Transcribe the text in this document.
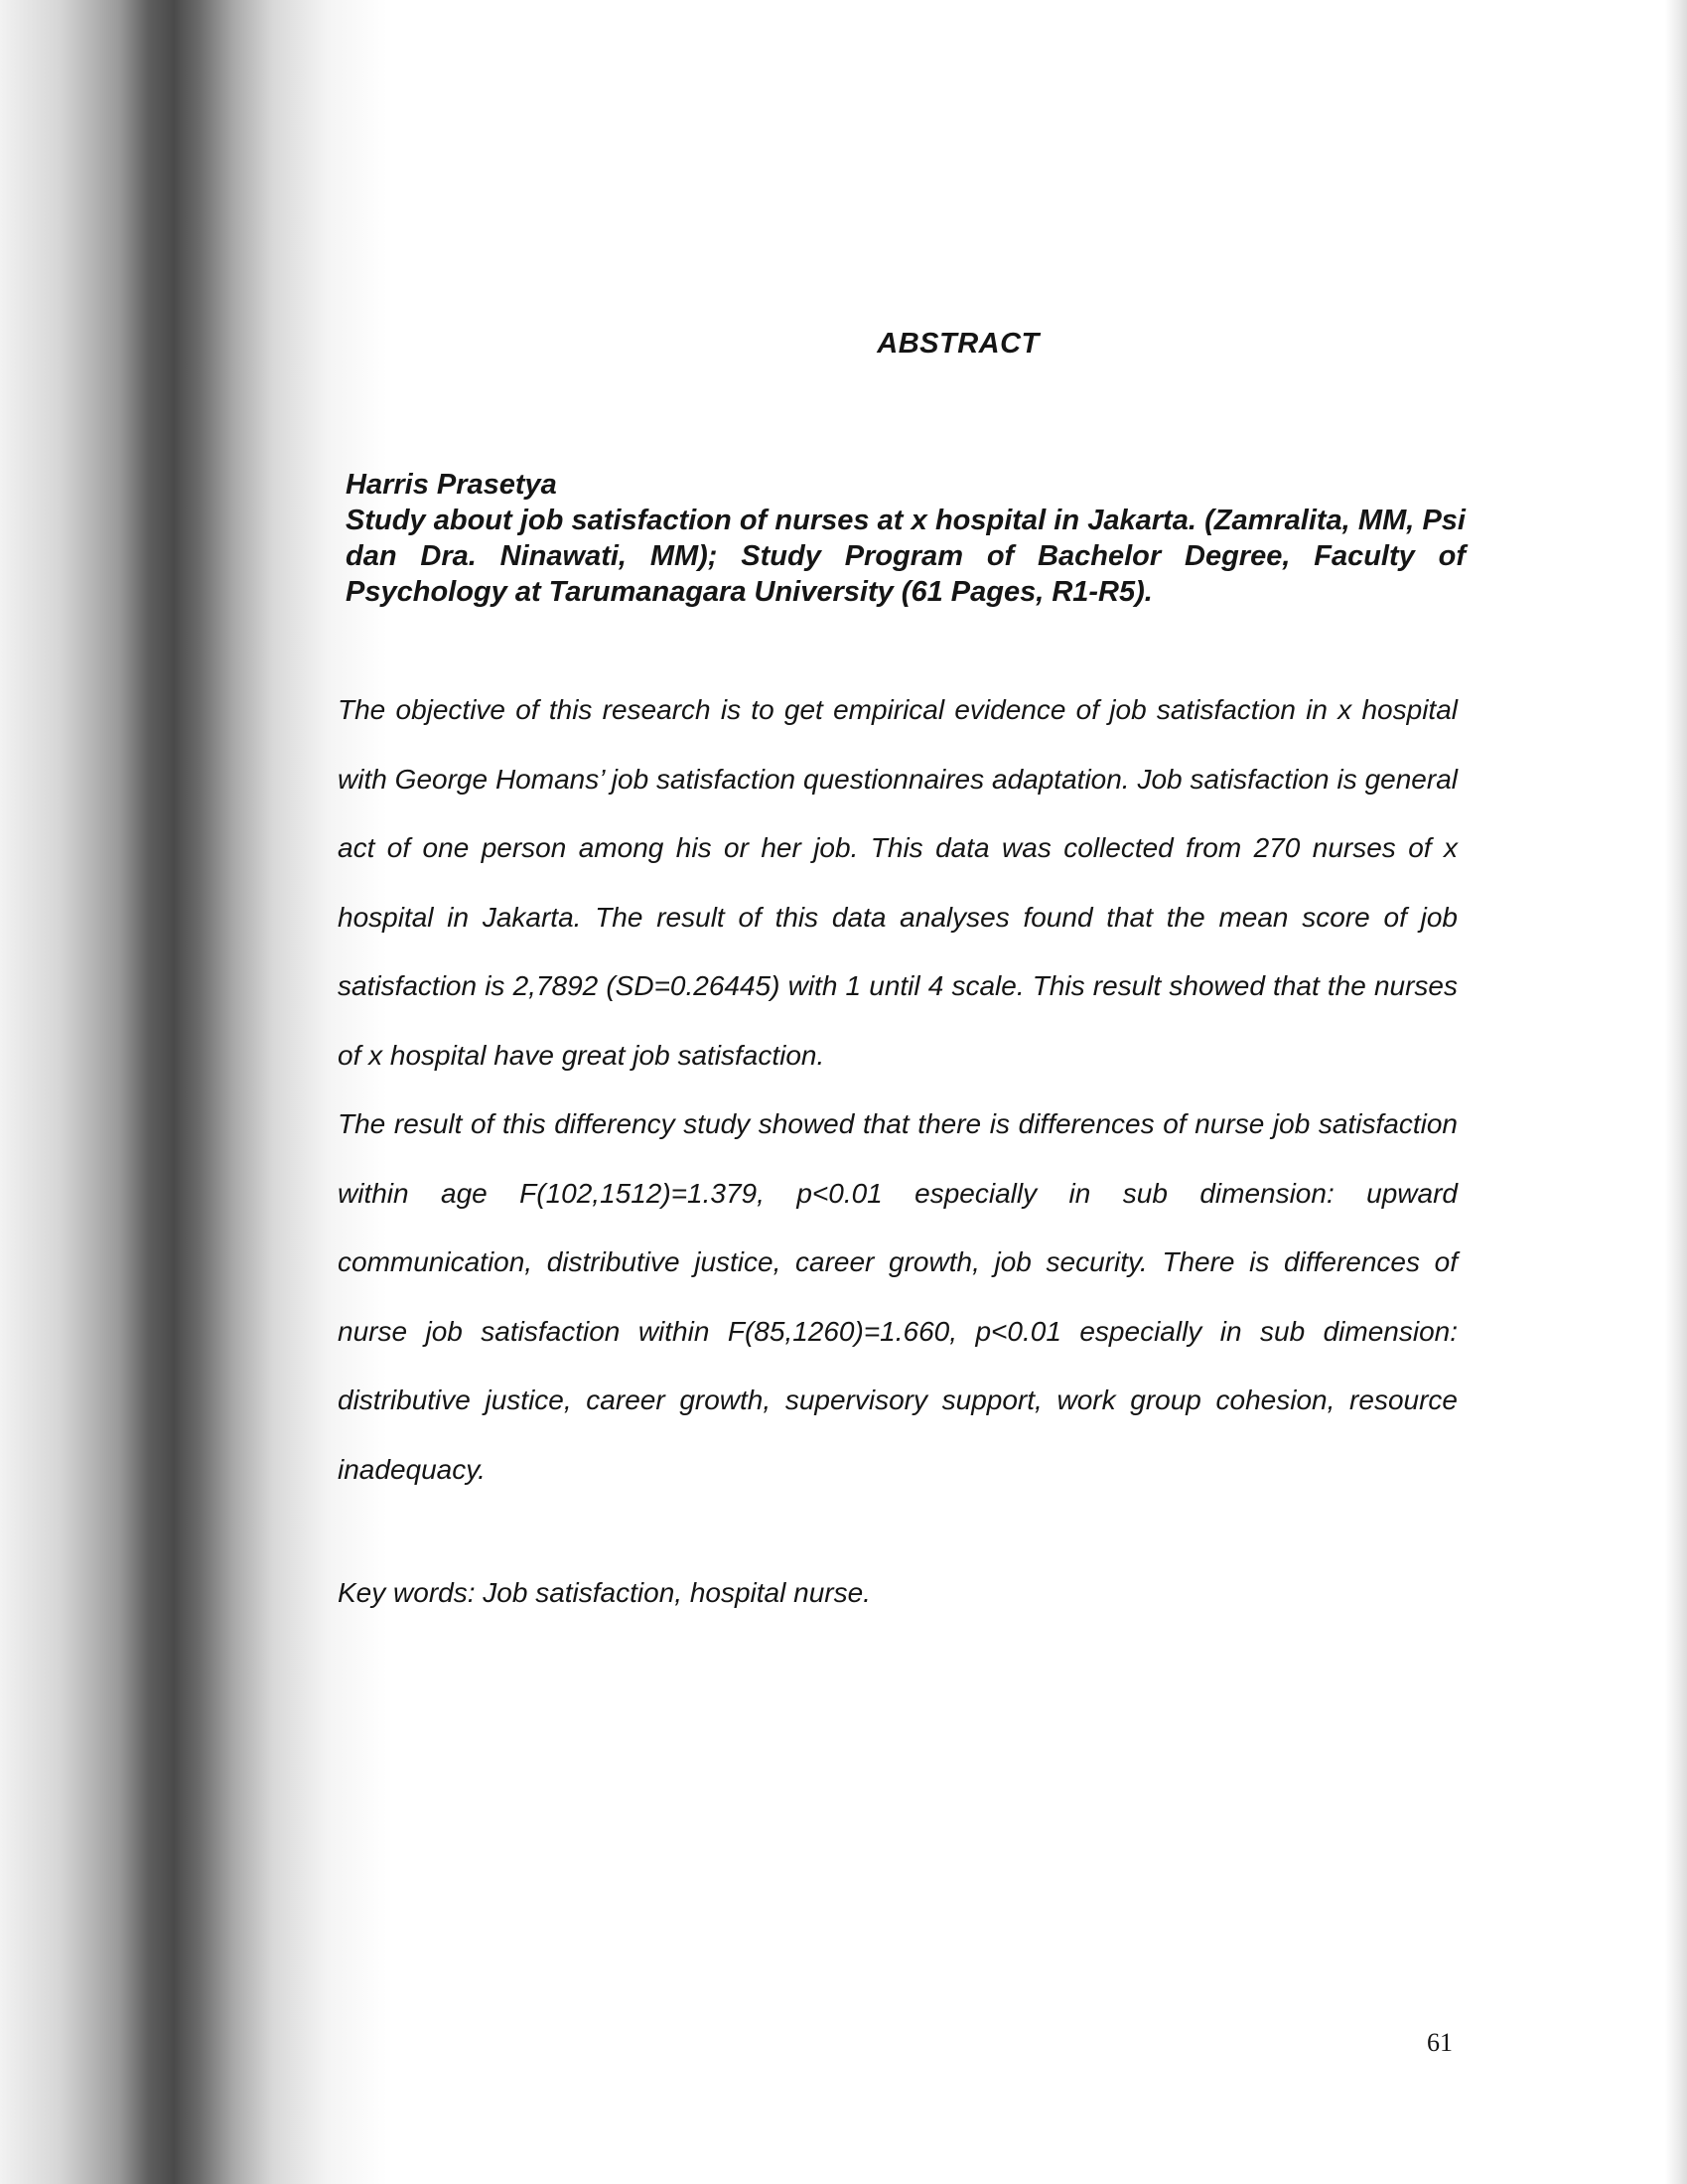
ABSTRACT

Harris Prasetya

Study about job satisfaction of nurses at x hospital in Jakarta. (Zamralita, MM, Psi dan Dra. Ninawati, MM); Study Program of Bachelor Degree, Faculty of Psychology at Tarumanagara University (61 Pages, R1-R5).

The objective of this research is to get empirical evidence of job satisfaction in x hospital with George Homans’ job satisfaction questionnaires adaptation. Job satisfaction is general act of one person among his or her job. This data was collected from 270 nurses of x hospital in Jakarta. The result of this data analyses found that the mean score of job satisfaction is 2,7892 (SD=0.26445) with 1 until 4 scale. This result showed that the nurses of x hospital have great job satisfaction.

The result of this differency study showed that there is differences of nurse job satisfaction within age F(102,1512)=1.379, p<0.01 especially in sub dimension: upward communication, distributive justice, career growth, job security. There is differences of nurse job satisfaction within F(85,1260)=1.660, p<0.01 especially in sub dimension: distributive justice, career growth, supervisory support, work group cohesion, resource inadequacy.

Key words: Job satisfaction, hospital nurse.

61
